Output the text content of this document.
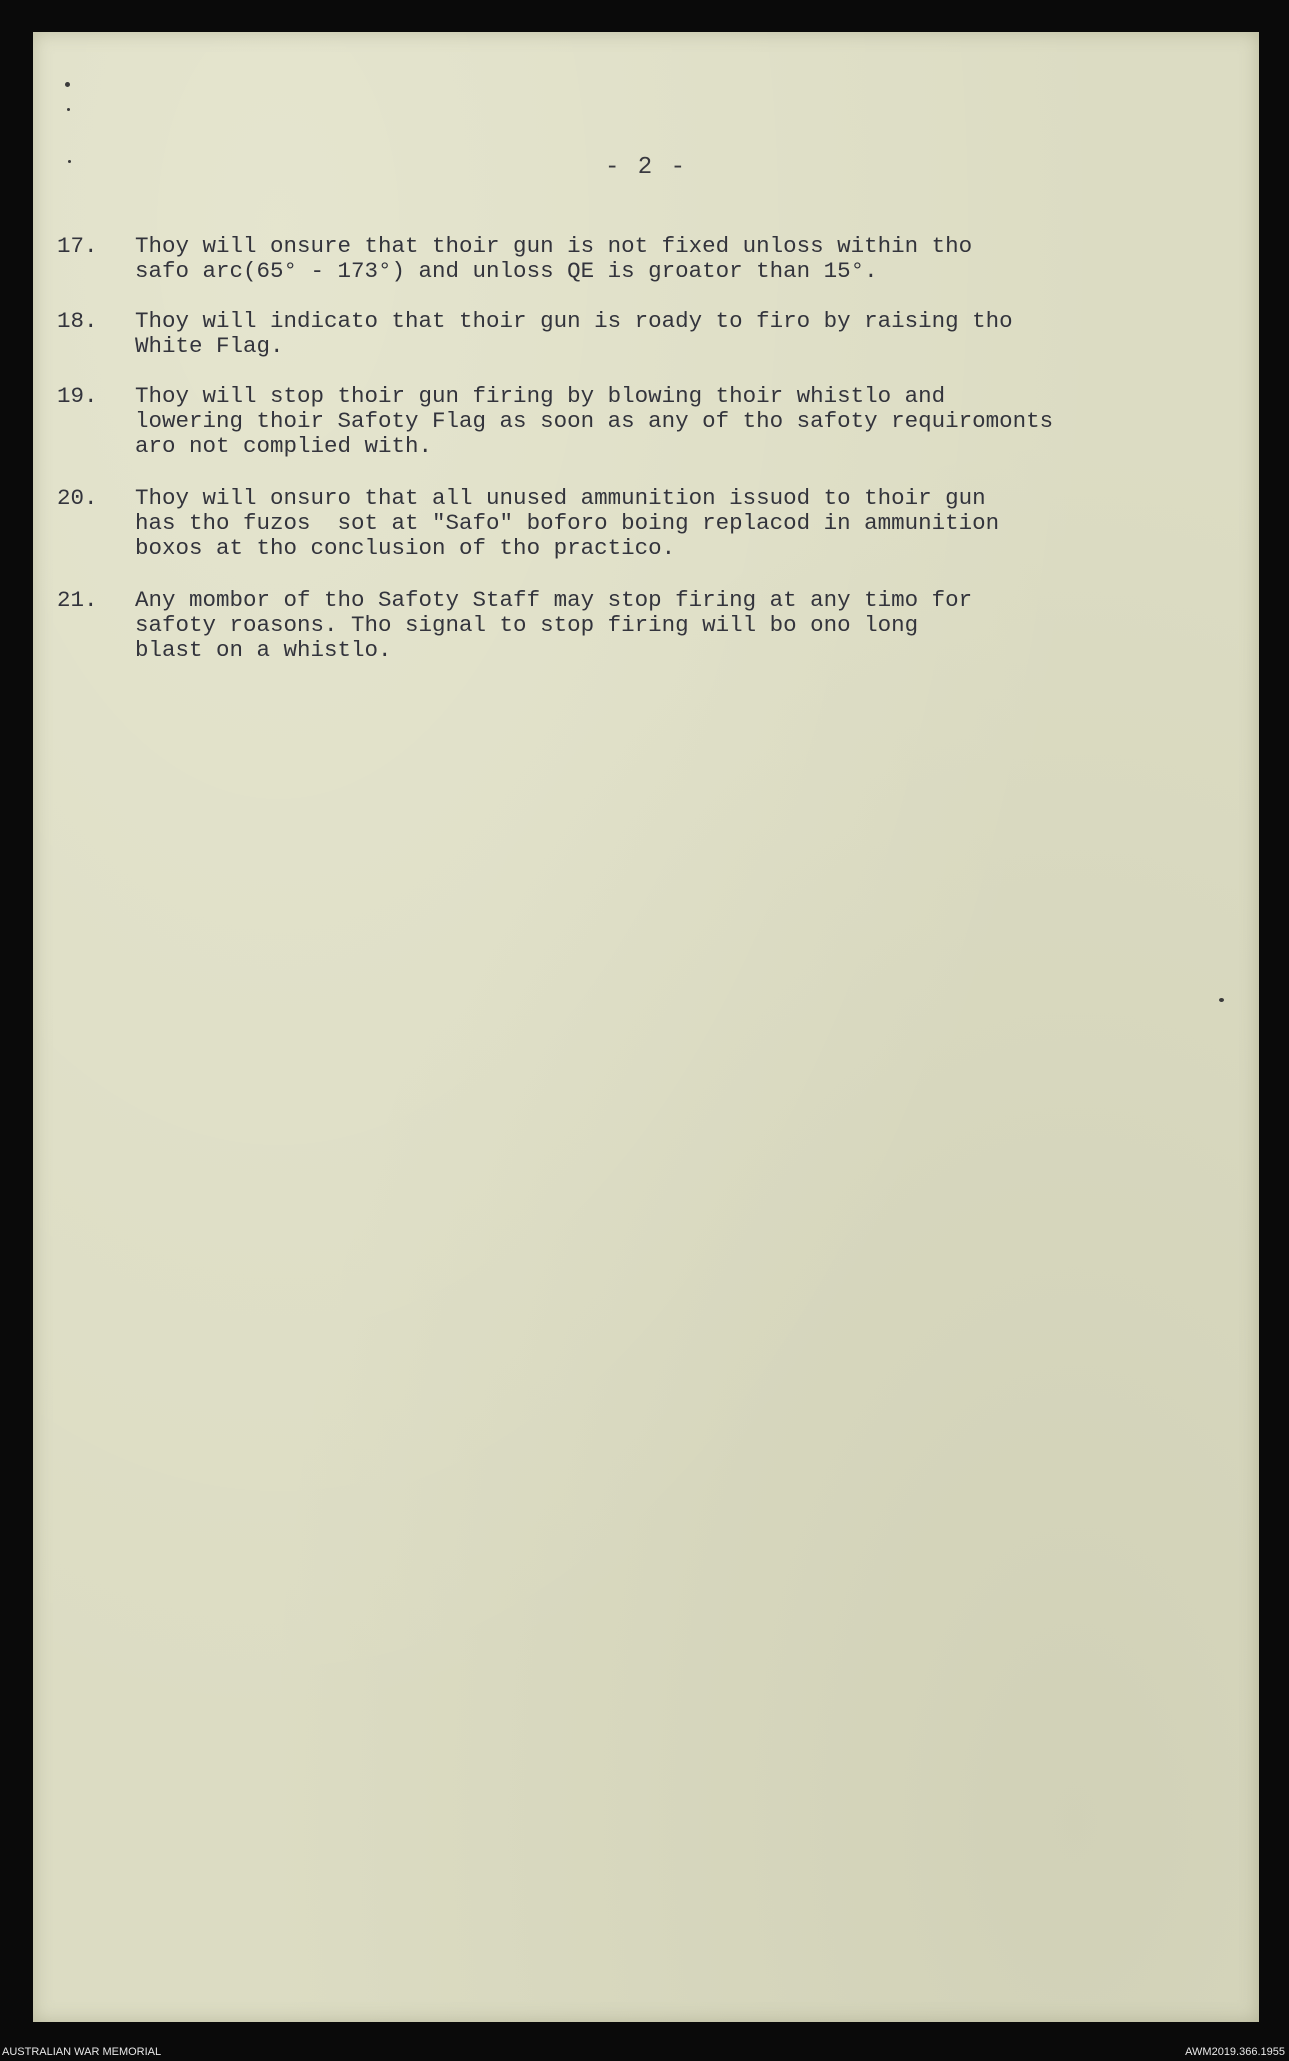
- 2 -
17.	Thoy will onsure that thoir gun is not fixed unloss within tho
safo arc(65° - 173°) and unloss QE is groator than 15°.
18.	Thoy will indicato that thoir gun is roady to firo by raising tho
White Flag.
19.	Thoy will stop thoir gun firing by blowing thoir whistlo and
lowering thoir Safoty Flag as soon as any of tho safoty requiromonts
aro not complied with.
20.	Thoy will onsuro that all unused ammunition issuod to thoir gun
has tho fuzos  sot at "Safo" boforo boing replacod in ammunition
boxos at tho conclusion of tho practico.
21.	Any mombor of tho Safoty Staff may stop firing at any timo for
safoty roasons. Tho signal to stop firing will bo ono long
blast on a whistlo.
AUSTRALIAN WAR MEMORIAL	AWM2019.366.1955
